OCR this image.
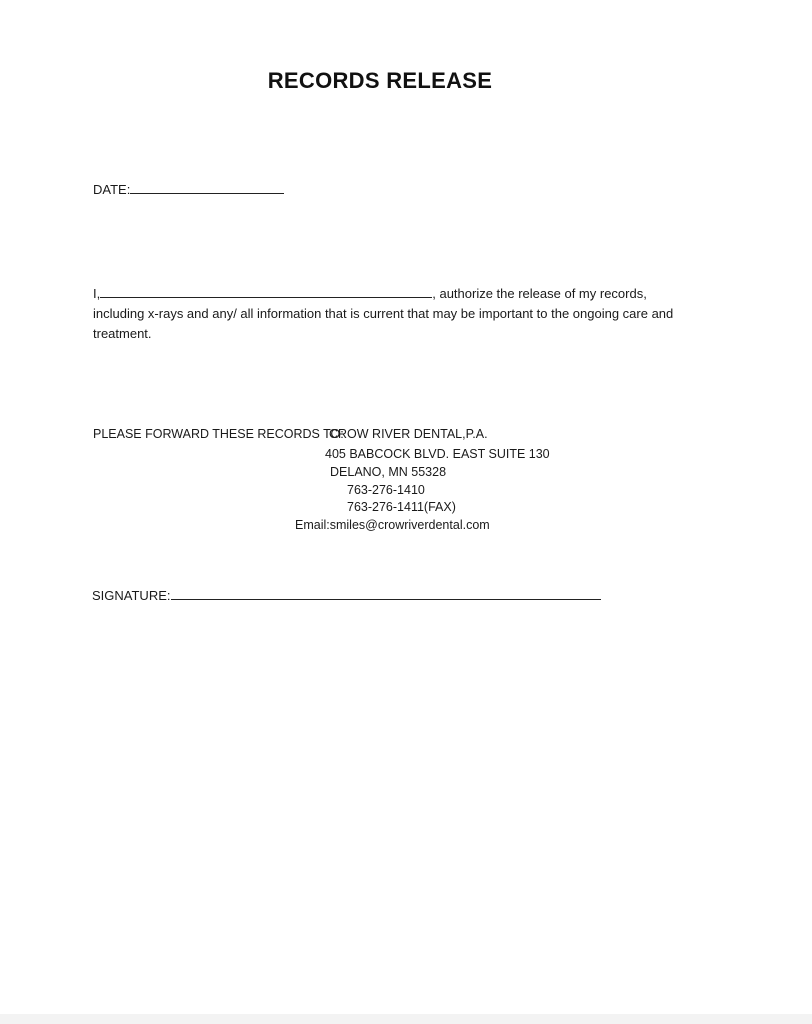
RECORDS RELEASE
DATE:
I,	, authorize the release of my records,
including x-rays and any/ all information that is current that may be important to the ongoing care and
treatment.
PLEASE FORWARD THESE RECORDS TO:
CROW RIVER DENTAL,P.A.
405 BABCOCK BLVD. EAST SUITE 130
DELANO, MN 55328
763-276-1410
763-276-1411(FAX)
Email:smiles@crowriverdental.com
SIGNATURE:
